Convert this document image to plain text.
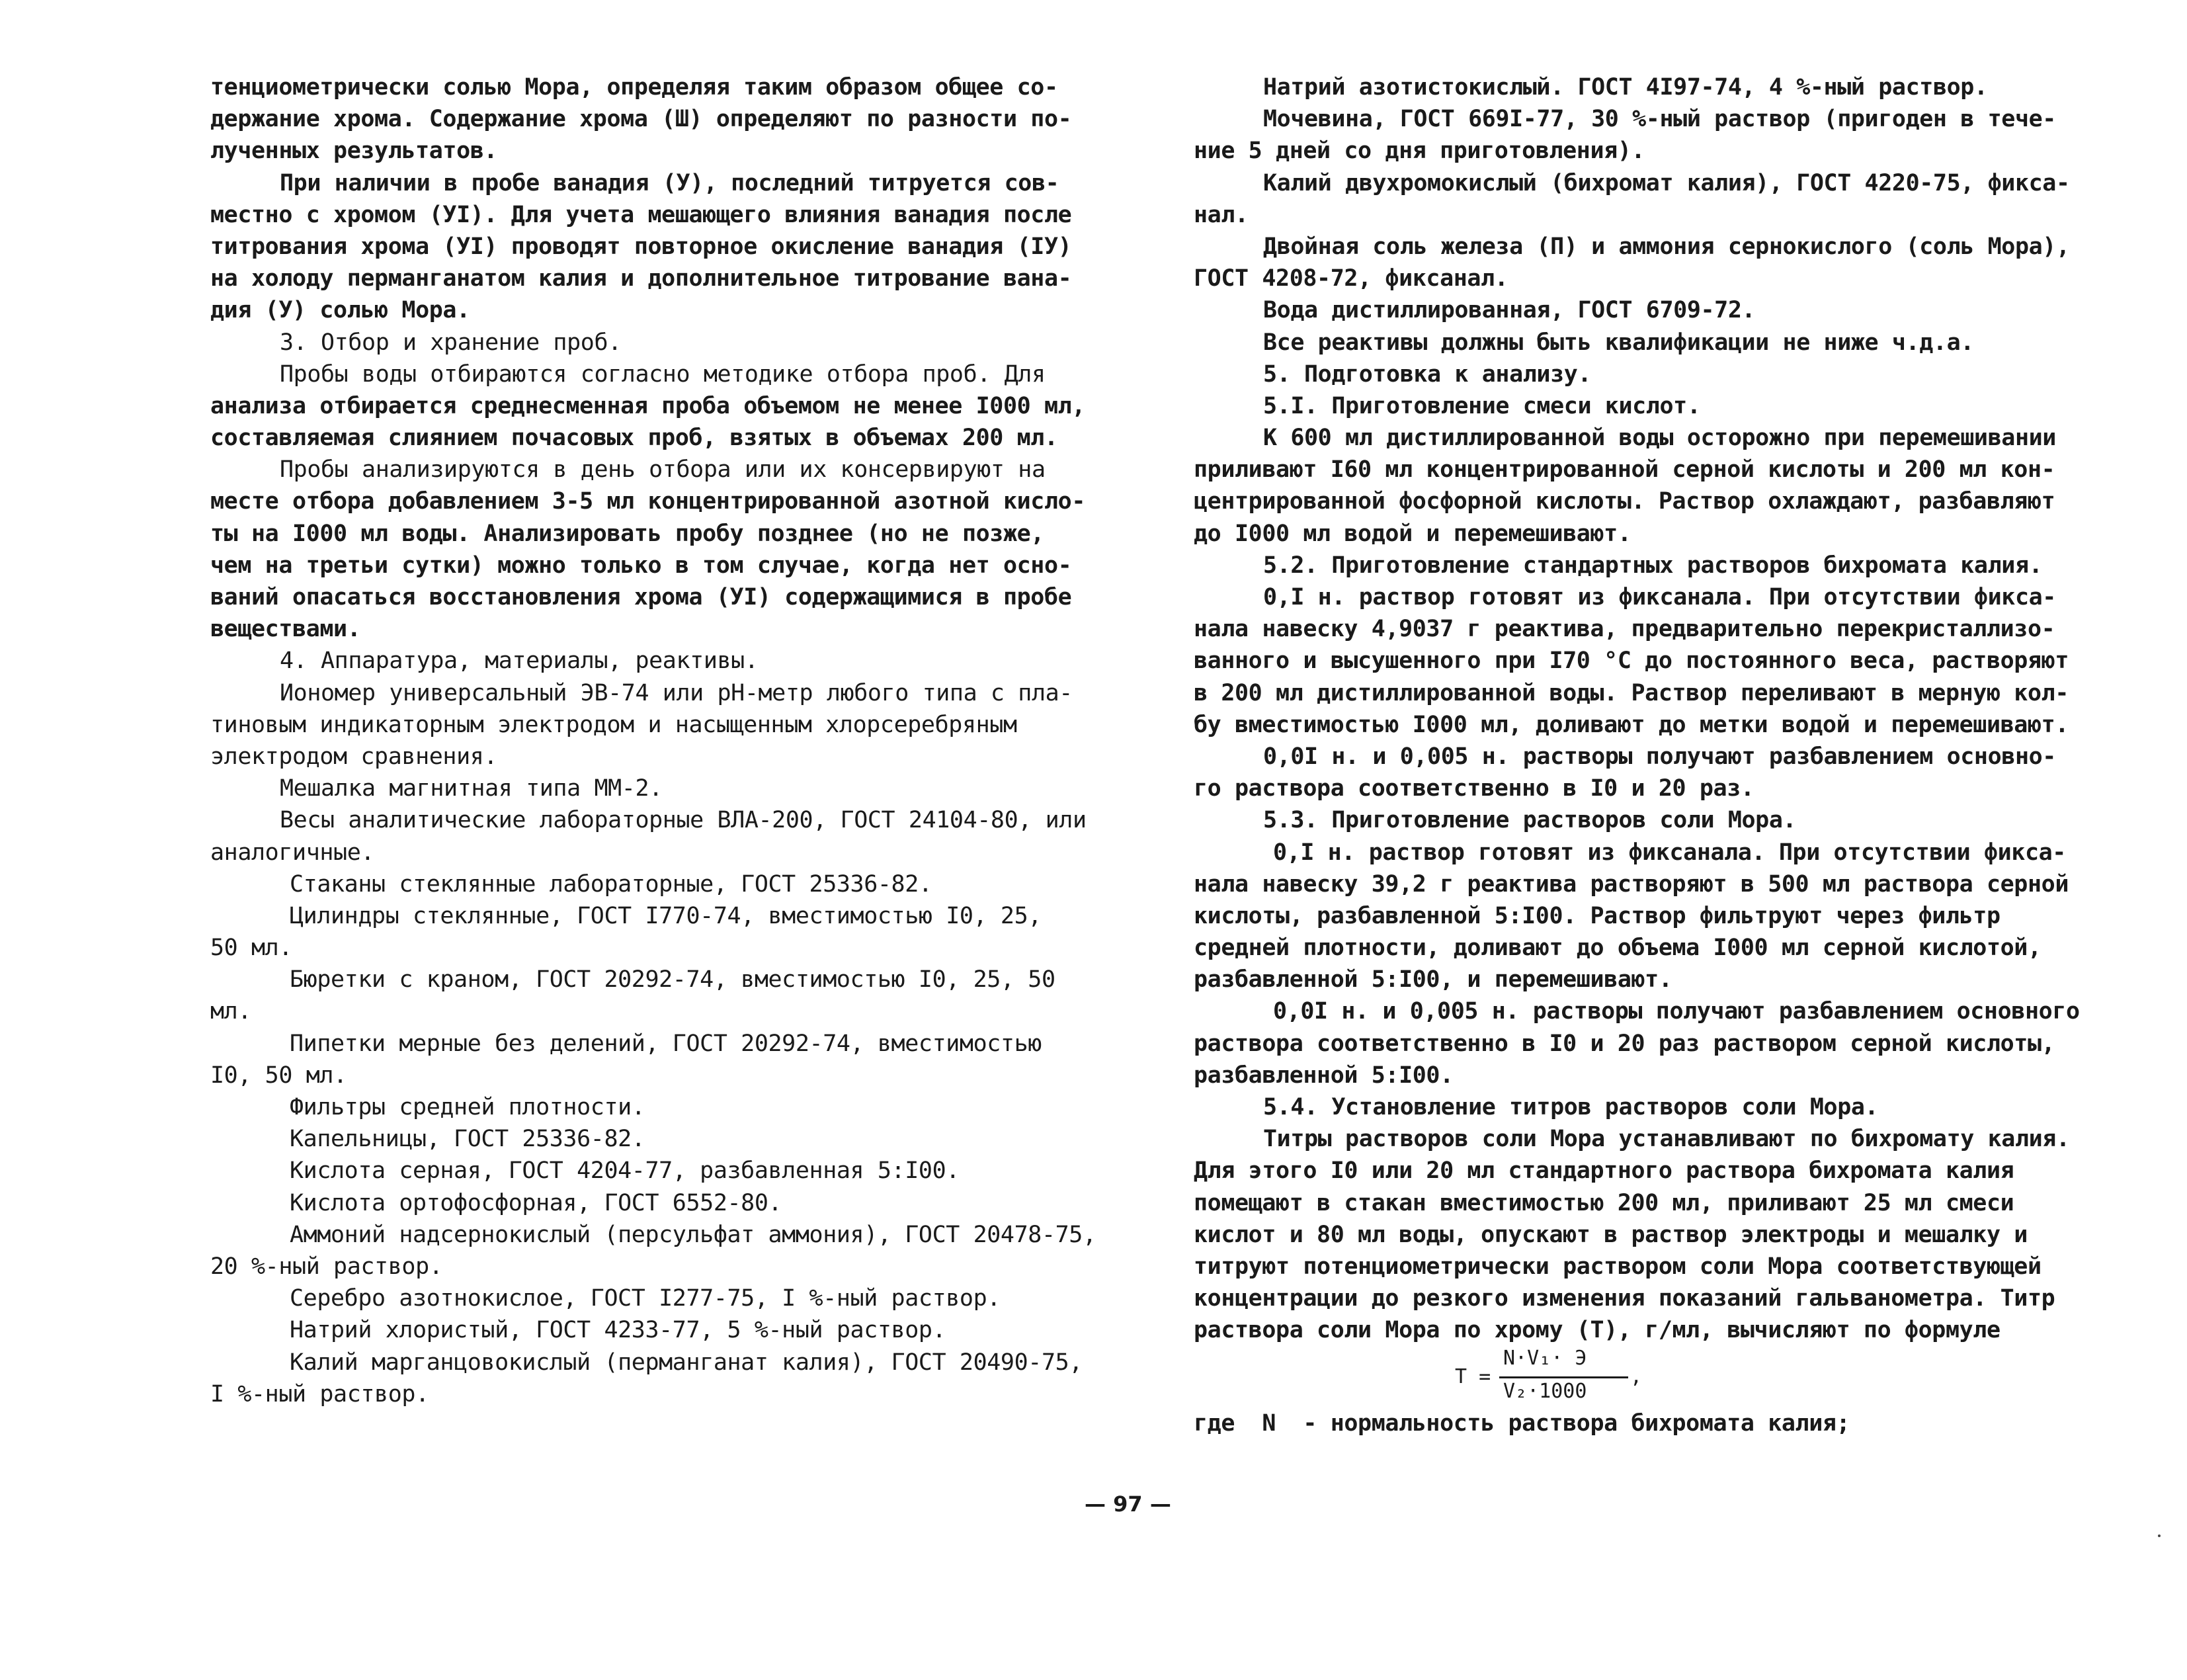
тенциометрически солью Мора, определяя таким образом общее со-
держание хрома. Содержание хрома (Ш) определяют по разности по-
лученных результатов.
При наличии в пробе ванадия (У), последний титруется сов-
местно с хромом (УI). Для учета мешающего влияния ванадия после
титрования хрома (УI) проводят повторное окисление ванадия (IУ)
на холоду перманганатом калия и дополнительное титрование вана-
дия (У) солью Мора.
3. Отбор и хранение проб.
Пробы воды отбираются согласно методике отбора проб. Для
анализа отбирается среднесменная проба объемом не менее I000 мл,
составляемая слиянием почасовых проб, взятых в объемах 200 мл.
Пробы анализируются в день отбора или их консервируют на
месте отбора добавлением 3-5 мл концентрированной азотной кисло-
ты на I000 мл воды. Анализировать пробу позднее (но не позже,
чем на третьи сутки) можно только в том случае, когда нет осно-
ваний опасаться восстановления хрома (УI) содержащимися в пробе
веществами.
4. Аппаратура, материалы, реактивы.
Иономер универсальный ЭВ-74 или рН-метр любого типа с пла-
тиновым индикаторным электродом и насыщенным хлорсеребряным
электродом сравнения.
Мешалка магнитная типа ММ-2.
Весы аналитические лабораторные ВЛА-200, ГОСТ 24104-80, или
аналогичные.
Стаканы стеклянные лабораторные, ГОСТ 25336-82.
Цилиндры стеклянные, ГОСТ I770-74, вместимостью I0, 25,
50 мл.
Бюретки с краном, ГОСТ 20292-74, вместимостью I0, 25, 50
мл.
Пипетки мерные без делений, ГОСТ 20292-74, вместимостью
I0, 50 мл.
Фильтры средней плотности.
Капельницы, ГОСТ 25336-82.
Кислота серная, ГОСТ 4204-77, разбавленная 5:I00.
Кислота ортофосфорная, ГОСТ 6552-80.
Аммоний надсернокислый (персульфат аммония), ГОСТ 20478-75,
20 %-ный раствор.
Серебро азотнокислое, ГОСТ I277-75, I %-ный раствор.
Натрий хлористый, ГОСТ 4233-77, 5 %-ный раствор.
Калий марганцовокислый (перманганат калия), ГОСТ 20490-75,
I %-ный раствор.
Натрий азотистокислый. ГОСТ 4I97-74, 4 %-ный раствор.
Мочевина, ГОСТ 669I-77, 30 %-ный раствор (пригоден в тече-
ние 5 дней со дня приготовления).
Калий двухромокислый (бихромат калия), ГОСТ 4220-75, фикса-
нал.
Двойная соль железа (П) и аммония сернокислого (соль Мора),
ГОСТ 4208-72, фиксанал.
Вода дистиллированная, ГОСТ 6709-72.
Все реактивы должны быть квалификации не ниже ч.д.а.
5. Подготовка к анализу.
5.I. Приготовление смеси кислот.
К 600 мл дистиллированной воды осторожно при перемешивании
приливают I60 мл концентрированной серной кислоты и 200 мл кон-
центрированной фосфорной кислоты. Раствор охлаждают, разбавляют
до I000 мл водой и перемешивают.
5.2. Приготовление стандартных растворов бихромата калия.
0,I н. раствор готовят из фиксанала. При отсутствии фикса-
нала навеску 4,9037 г реактива, предварительно перекристаллизо-
ванного и высушенного при I70 °С до постоянного веса, растворяют
в 200 мл дистиллированной воды. Раствор переливают в мерную кол-
бу вместимостью I000 мл, доливают до метки водой и перемешивают.
0,0I н. и 0,005 н. растворы получают разбавлением основно-
го раствора соответственно в I0 и 20 раз.
5.3. Приготовление растворов соли Мора.
0,I н. раствор готовят из фиксанала. При отсутствии фикса-
нала навеску 39,2 г реактива растворяют в 500 мл раствора серной
кислоты, разбавленной 5:I00. Раствор фильтруют через фильтр
средней плотности, доливают до объема I000 мл серной кислотой,
разбавленной 5:I00, и перемешивают.
0,0I н. и 0,005 н. растворы получают разбавлением основного
раствора соответственно в I0 и 20 раз раствором серной кислоты,
разбавленной 5:I00.
5.4. Установление титров растворов соли Мора.
Титры растворов соли Мора устанавливают по бихромату калия.
Для этого I0 или 20 мл стандартного раствора бихромата калия
помещают в стакан вместимостью 200 мл, приливают 25 мл смеси
кислот и 80 мл воды, опускают в раствор электроды и мешалку и
титруют потенциометрически раствором соли Мора соответствующей
концентрации до резкого изменения показаний гальванометра. Титр
раствора соли Мора по хрому (Т), г/мл, вычисляют по формуле
Т =
N·V₁· Э
V₂·1000
,
где  N  - нормальность раствора бихромата калия;
— 97 —
